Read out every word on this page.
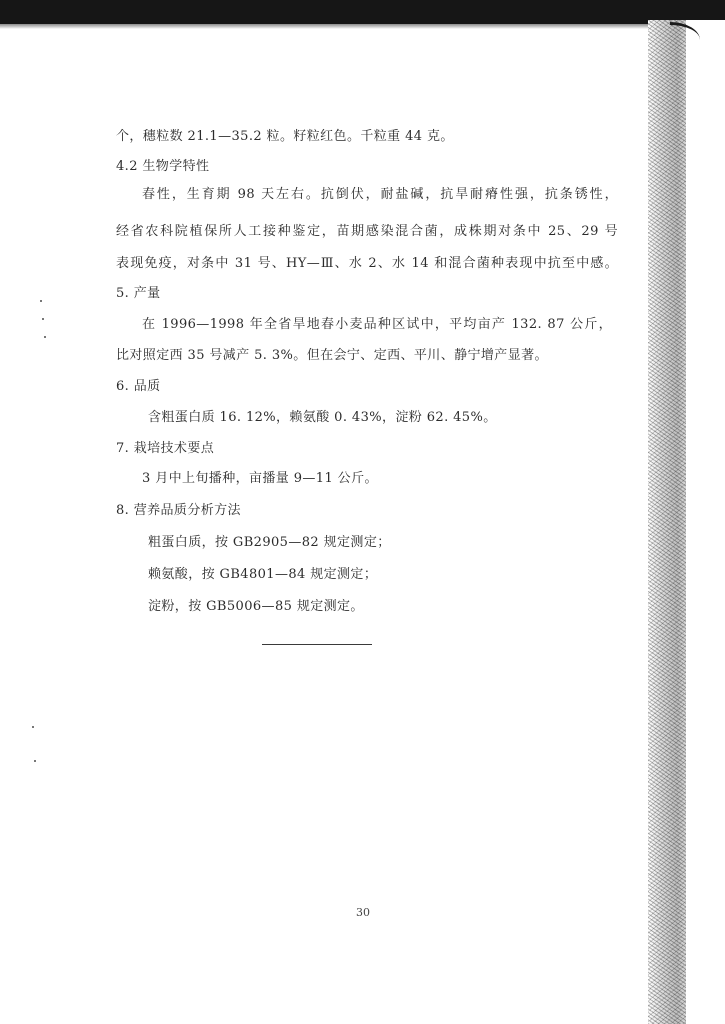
个，穗粒数 21.1—35.2 粒。籽粒红色。千粒重 44 克。
4.2 生物学特性
春性，生育期 98 天左右。抗倒伏，耐盐碱，抗旱耐瘠性强，抗条锈性，
经省农科院植保所人工接种鉴定，苗期感染混合菌，成株期对条中 25、29 号
表现免疫，对条中 31 号、HY—Ⅲ、水 2、水 14 和混合菌种表现中抗至中感。
5. 产量
在 1996—1998 年全省旱地春小麦品种区试中，平均亩产 132. 87 公斤，
比对照定西 35 号减产 5. 3%。但在会宁、定西、平川、静宁增产显著。
6. 品质
含粗蛋白质 16. 12%，赖氨酸 0. 43%，淀粉 62. 45%。
7. 栽培技术要点
3 月中上旬播种，亩播量 9—11 公斤。
8. 营养品质分析方法
粗蛋白质，按 GB2905—82 规定测定；
赖氨酸，按 GB4801—84 规定测定；
淀粉，按 GB5006—85 规定测定。
30
